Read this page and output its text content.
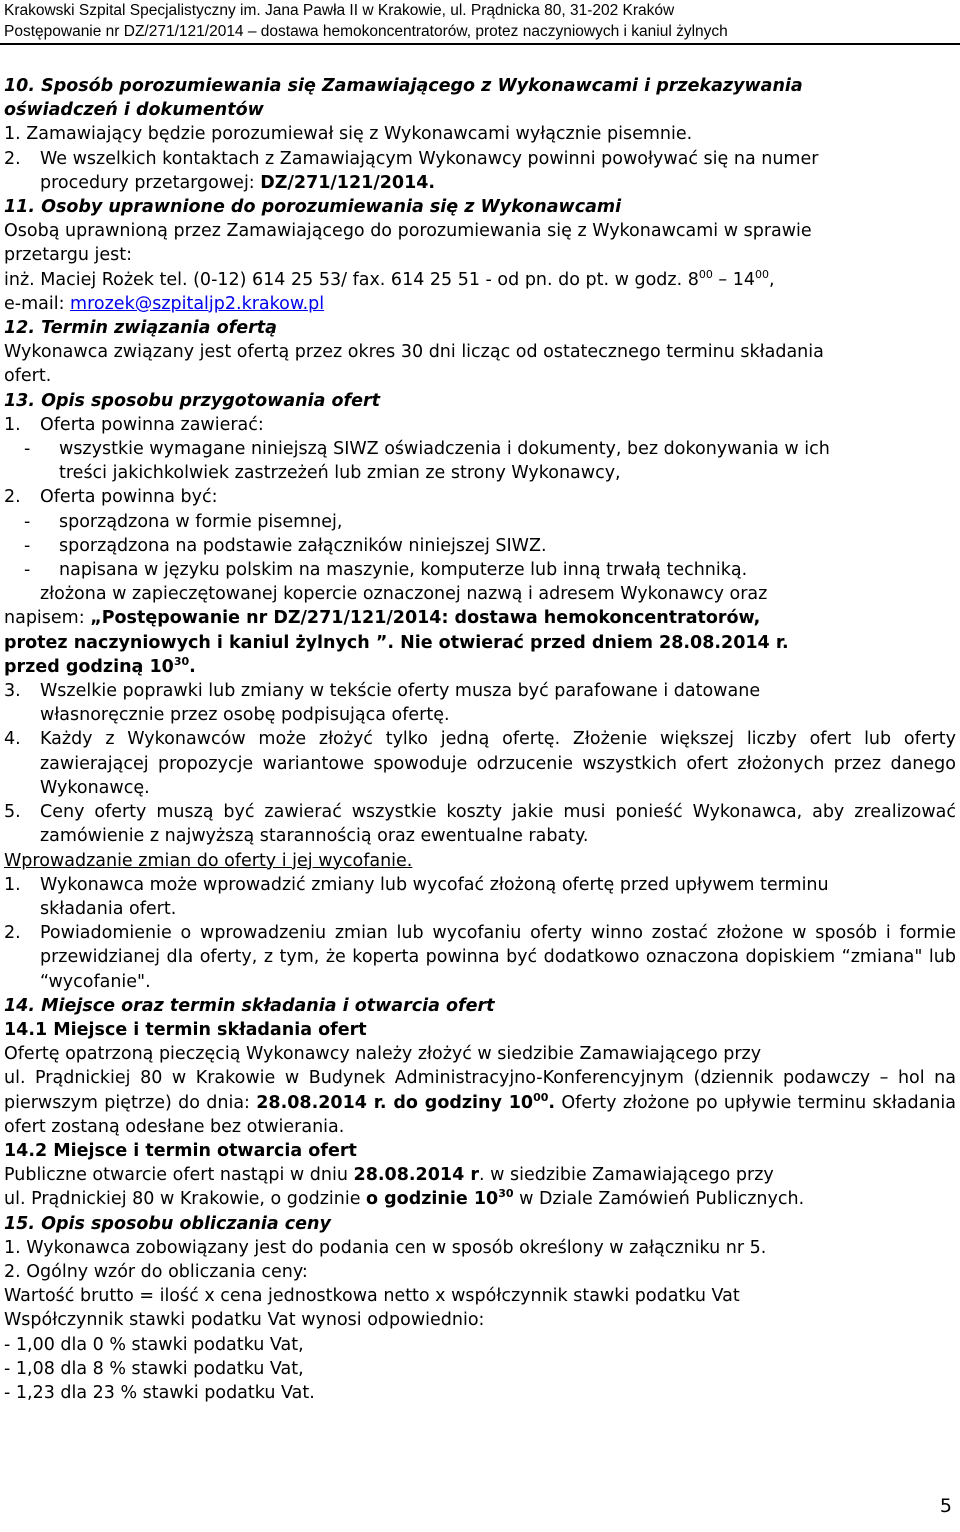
Krakowski Szpital Specjalistyczny im. Jana Pawła II w Krakowie, ul. Prądnicka 80, 31-202 Kraków
Postępowanie nr DZ/271/121/2014 – dostawa hemokoncentratorów, protez naczyniowych i kaniul żylnych

10. Sposób porozumiewania się Zamawiającego z Wykonawcami i przekazywania
oświadczeń i dokumentów

1. Zamawiający będzie porozumiewał się z Wykonawcami wyłącznie pisemnie.

2. We wszelkich kontaktach z Zamawiającym Wykonawcy powinni powoływać się na numer
procedury przetargowej: DZ/271/121/2014.

11. Osoby uprawnione do porozumiewania się z Wykonawcami

Osobą uprawnioną przez Zamawiającego do porozumiewania się z Wykonawcami w sprawie
przetargu jest:

inż. Maciej Rożek tel. (0-12) 614 25 53/ fax. 614 25 51 - od pn. do pt. w godz. $8^{00} - 14^{00}$,

e-mail: mrozek@szpitaljp2.krakow.pl

12. Termin związania ofertą

Wykonawca związany jest ofertą przez okres 30 dni licząc od ostatecznego terminu składania
ofert.

13. Opis sposobu przygotowania ofert

1. Oferta powinna zawierać:

- wszystkie wymagane niniejszą SIWZ oświadczenia i dokumenty, bez dokonywania w ich
treści jakichkolwiek zastrzeżeń lub zmian ze strony Wykonawcy,

2. Oferta powinna być:

- sporządzona w formie pisemnej,

- sporządzona na podstawie załączników niniejszej SIWZ.

- napisana w języku polskim na maszynie, komputerze lub inną trwałą techniką.

złożona w zapieczętowanej kopercie oznaczonej nazwą i adresem Wykonawcy oraz

napisem: „Postępowanie nr DZ/271/121/2014: dostawa hemokoncentratorów,
protez naczyniowych i kaniul żylnych ”. Nie otwierać przed dniem 28.08.2014 r.
przed godziną $10^{30}$.

3. Wszelkie poprawki lub zmiany w tekście oferty musza być parafowane i datowane
własnoręcznie przez osobę podpisująca ofertę.

4. Każdy z Wykonawców może złożyć tylko jedną ofertę. Złożenie większej liczby ofert lub oferty zawierającej propozycje wariantowe spowoduje odrzucenie wszystkich ofert złożonych przez danego Wykonawcę.

5. Ceny oferty muszą być zawierać wszystkie koszty jakie musi ponieść Wykonawca, aby zrealizować zamówienie z najwyższą starannością oraz ewentualne rabaty.

Wprowadzanie zmian do oferty i jej wycofanie.

1. Wykonawca może wprowadzić zmiany lub wycofać złożoną ofertę przed upływem terminu
składania ofert.

2. Powiadomienie o wprowadzeniu zmian lub wycofaniu oferty winno zostać złożone w sposób i formie przewidzianej dla oferty, z tym, że koperta powinna być dodatkowo oznaczona dopiskiem “zmiana" lub “wycofanie".

14. Miejsce oraz termin składania i otwarcia ofert

14.1 Miejsce i termin składania ofert

Ofertę opatrzoną pieczęcią Wykonawcy należy złożyć w siedzibie Zamawiającego przy

ul. Prądnickiej 80 w Krakowie w Budynek Administracyjno-Konferencyjnym (dziennik podawczy – hol na pierwszym piętrze) do dnia: 28.08.2014 r. do godziny $10^{00}$. Oferty złożone po upływie terminu składania ofert zostaną odesłane bez otwierania.

14.2 Miejsce i termin otwarcia ofert

Publiczne otwarcie ofert nastąpi w dniu 28.08.2014 r. w siedzibie Zamawiającego przy

ul. Prądnickiej 80 w Krakowie, o godzinie o godzinie $10^{30}$ w Dziale Zamówień Publicznych.

15. Opis sposobu obliczania ceny

1. Wykonawca zobowiązany jest do podania cen w sposób określony w załączniku nr 5.

2. Ogólny wzór do obliczania ceny:

Wartość brutto = ilość x cena jednostkowa netto x współczynnik stawki podatku Vat

Współczynnik stawki podatku Vat wynosi odpowiednio:

- 1,00 dla 0 % stawki podatku Vat,

- 1,08 dla 8 % stawki podatku Vat,

- 1,23 dla 23 % stawki podatku Vat.

5
